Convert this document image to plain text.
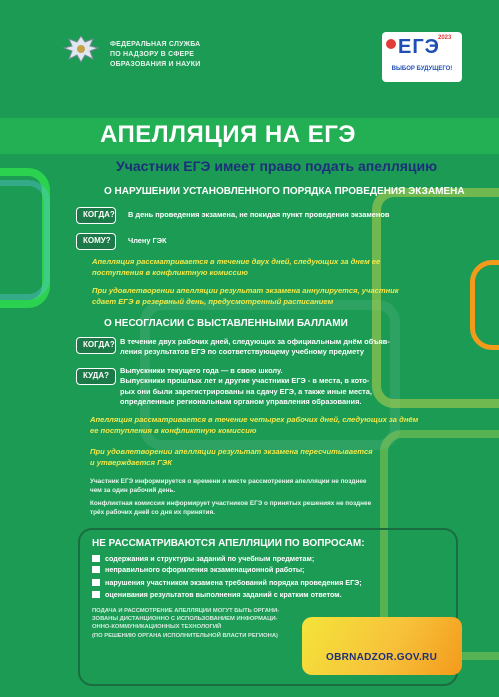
ФЕДЕРАЛЬНАЯ СЛУЖБА
ПО НАДЗОРУ В СФЕРЕ
ОБРАЗОВАНИЯ И НАУКИ
ЕГЭ
2023
ВЫБОР БУДУЩЕГО!
АПЕЛЛЯЦИЯ НА ЕГЭ
Участник ЕГЭ имеет право подать апелляцию
О НАРУШЕНИИ УСТАНОВЛЕННОГО ПОРЯДКА ПРОВЕДЕНИЯ ЭКЗАМЕНА
КОГДА? В день проведения экзамена, не покидая пункт проведения экзаменов
КОМУ?	Члену ГЭК
Апелляция рассматривается в течение двух дней, следующих за днем ее
поступления в конфликтную комиссию
При удовлетворении апелляции результат экзамена аннулируется, участник
сдает ЕГЭ в резервный день, предусмотренный расписанием
О НЕСОГЛАСИИ С ВЫСТАВЛЕННЫМИ БАЛЛАМИ
КОГДА? В течение двух рабочих дней, следующих за официальным днём объяв-
ления результатов ЕГЭ по соответствующему учебному предмету
КУДА?
Выпускники текущего года — в свою школу.
Выпускники прошлых лет и другие участники ЕГЭ - в места, в кото-
рых они были зарегистрированы на сдачу ЕГЭ, а также иные места,
определенные региональным органом управления образования.
Апелляция рассматривается в течение четырех рабочих дней, следующих за днём
ее поступления в конфликтную комиссию
При удовлетворении апелляции результат экзамена пересчитывается
и утверждается ГЭК
Участник ЕГЭ информируется о времени и месте рассмотрения апелляции не позднее
чем за один рабочий день.
Конфликтная комиссия информирует участников ЕГЭ о принятых решениях не позднее
трёх рабочих дней со дня их принятия.
НЕ РАССМАТРИВАЮТСЯ АПЕЛЛЯЦИИ ПО ВОПРОСАМ:
содержания и структуры заданий по учебным предметам;
неправильного оформления экзаменационной работы;
нарушения участником экзамена требований порядка проведения ЕГЭ;
оценивания результатов выполнения заданий с кратким ответом.
ПОДАЧА И РАССМОТРЕНИЕ АПЕЛЛЯЦИИ МОГУТ БЫТЬ ОРГАНИ-
ЗОВАНЫ ДИСТАНЦИОННО С ИСПОЛЬЗОВАНИЕМ ИНФОРМАЦИ-
ОННО-КОММУНИКАЦИОННЫХ ТЕХНОЛОГИЙ
(ПО РЕШЕНИЮ ОРГАНА ИСПОЛНИТЕЛЬНОЙ ВЛАСТИ РЕГИОНА)
OBRNADZOR.GOV.RU
